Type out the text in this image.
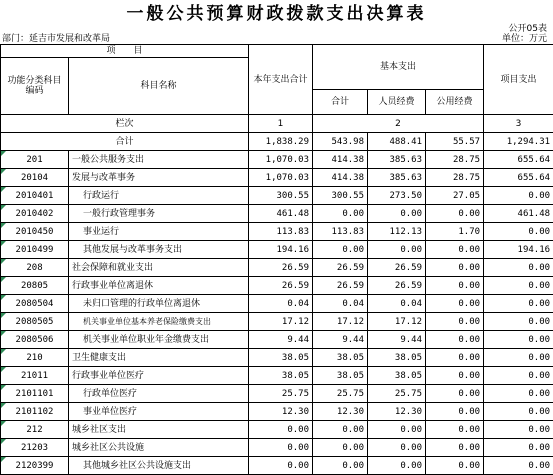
一般公共预算财政拨款支出决算表
公开05表
部门：延吉市发展和改革局	单位：万元
项　　目		本年支出合计	基本支出			项目支出
功能分类科目编码	科目名称					
			合计	人员经费	公用经费	
栏次		1	2			3
合计		1,838.29	543.98	488.41	55.57	1,294.31

201	一般公共服务支出	1,070.03	414.38	385.63	28.75	655.64

20104	发展与改革事务	1,070.03	414.38	385.63	28.75	655.64

2010401	行政运行	300.55	300.55	273.50	27.05	0.00

2010402	一般行政管理事务	461.48	0.00	0.00	0.00	461.48

2010450	事业运行	113.83	113.83	112.13	1.70	0.00

2010499	其他发展与改革事务支出	194.16	0.00	0.00	0.00	194.16

208	社会保障和就业支出	26.59	26.59	26.59	0.00	0.00

20805	行政事业单位离退休	26.59	26.59	26.59	0.00	0.00

2080504	未归口管理的行政单位离退休	0.04	0.04	0.04	0.00	0.00

2080505	机关事业单位基本养老保险缴费支出	17.12	17.12	17.12	0.00	0.00

2080506	机关事业单位职业年金缴费支出	9.44	9.44	9.44	0.00	0.00

210	卫生健康支出	38.05	38.05	38.05	0.00	0.00

21011	行政事业单位医疗	38.05	38.05	38.05	0.00	0.00

2101101	行政单位医疗	25.75	25.75	25.75	0.00	0.00

2101102	事业单位医疗	12.30	12.30	12.30	0.00	0.00

212	城乡社区支出	0.00	0.00	0.00	0.00	0.00

21203	城乡社区公共设施	0.00	0.00	0.00	0.00	0.00

2120399	其他城乡社区公共设施支出	0.00	0.00	0.00	0.00	0.00
